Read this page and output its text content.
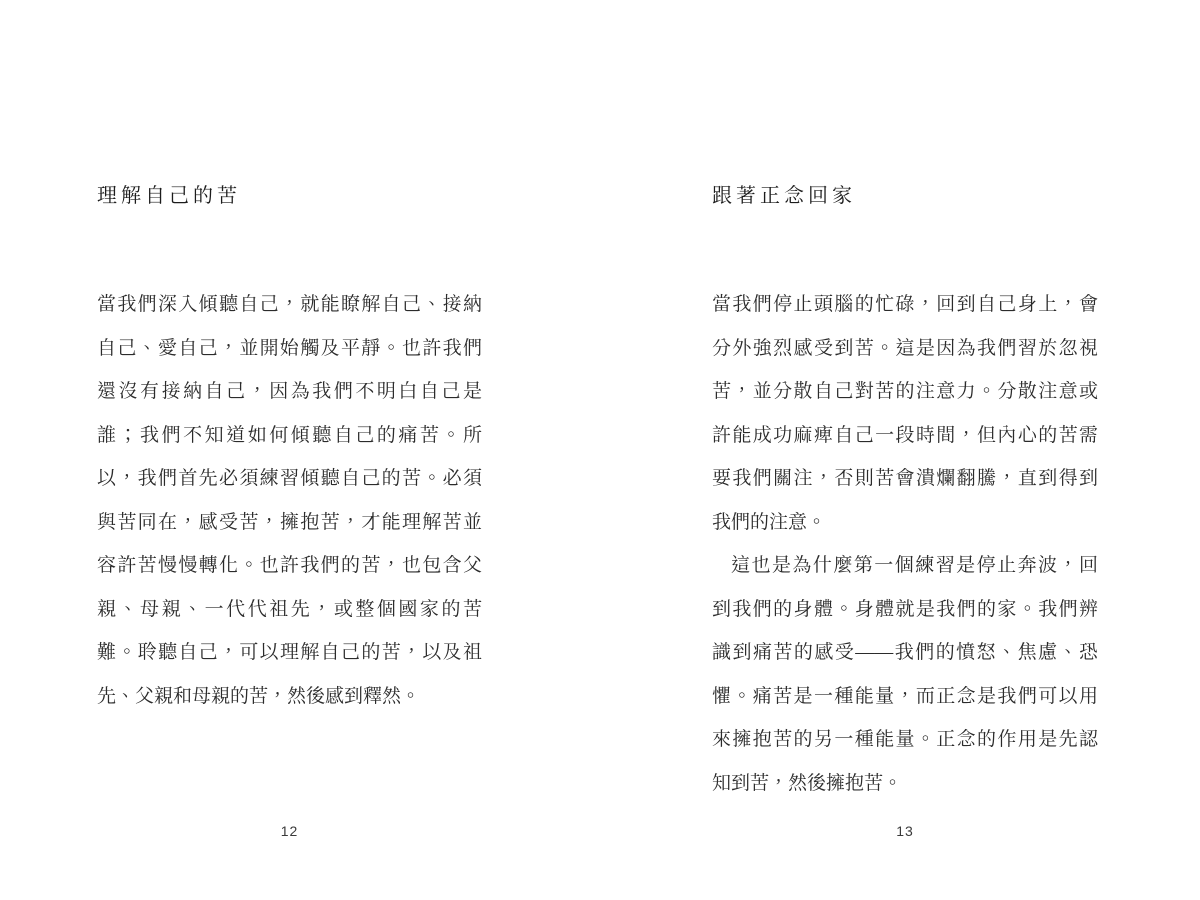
理解自己的苦
當我們深入傾聽自己，就能瞭解自己、接納
自己、愛自己，並開始觸及平靜。也許我們
還沒有接納自己，因為我們不明白自己是
誰；我們不知道如何傾聽自己的痛苦。所
以，我們首先必須練習傾聽自己的苦。必須
與苦同在，感受苦，擁抱苦，才能理解苦並
容許苦慢慢轉化。也許我們的苦，也包含父
親、母親、一代代祖先，或整個國家的苦
難。聆聽自己，可以理解自己的苦，以及祖
先、父親和母親的苦，然後感到釋然。
12
跟著正念回家
當我們停止頭腦的忙碌，回到自己身上，會
分外強烈感受到苦。這是因為我們習於忽視
苦，並分散自己對苦的注意力。分散注意或
許能成功麻痺自己一段時間，但內心的苦需
要我們關注，否則苦會潰爛翻騰，直到得到
我們的注意。
這也是為什麼第一個練習是停止奔波，回
到我們的身體。身體就是我們的家。我們辨
識到痛苦的感受——我們的憤怒、焦慮、恐
懼。痛苦是一種能量，而正念是我們可以用
來擁抱苦的另一種能量。正念的作用是先認
知到苦，然後擁抱苦。
13
